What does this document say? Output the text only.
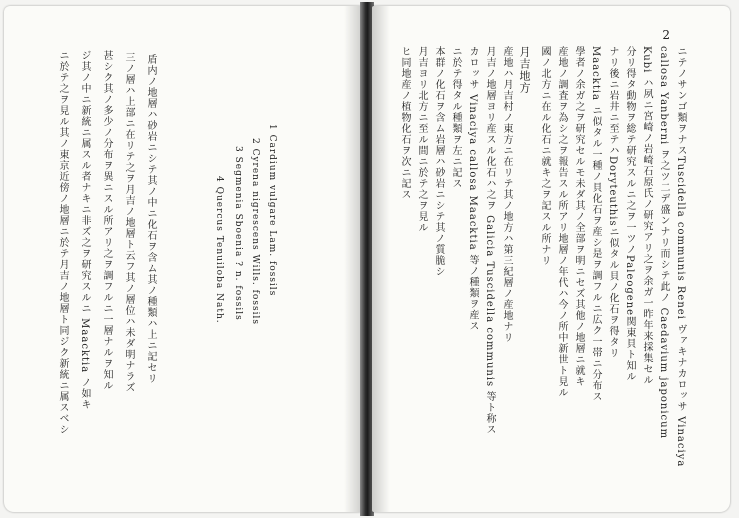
1 Cardium vulgare Lam. fossils
2 Cyrena nigrescens Wills. fossils
3 Segmenia Sboenia ? n. fossils
4 Quercus Tenuiloba Nath.
盾内ノ地層ハ砂岩ニシテ其ノ中ニ化石ヲ含ム其ノ種類ハ上ニ記セリ
三ノ層ハ上部ニ在リテ之ヲ月吉ノ地層ト云フ其ノ層位ハ未ダ明ナラズ
甚シク其ノ多少ノ分布ヲ異ニスル所アリ之ヲ調フルニ一層ナルヲ知ル
ジ其ノ中ニ新統ニ属スル者ナキニ非ズ之ヲ研究スルニ Maacktia ノ如キ
ニ於テ之ヲ見ル其ノ東京近傍ノ地層ニ於テ月吉ノ地層ト同ジク新統ニ属スベシ
2
ニテノサンゴ類ヲナスTuscidella communis Renei ヴァキナカロッサ Vinaciya
callosa Yanberni ヲ之ツ二デ盛ンナリ而シテ此ノ Caedavium japonicum
Kubi ハ夙ニ宮崎ノ岩崎石原氏ノ研究アリ之ヲ余ガ一昨年来採集セル
分リ得タ動物ヲ総テ研究スルニ之ヲ一ツノPaleogene関東貝ト知ル
ナリ後ニ岩井ニ至テハDoryteuthisニ似タル貝ノ化石ヲ得タリ
Maacktia ニ似タル一種ノ貝化石ヲ産シ是ヲ調フルニ広ク一帯ニ分布ス
學者ノ余ガ之ヲ研究セルモ未ダ其ノ全部ヲ明ニセズ其他ノ地層ニ就キ
産地ノ調査ヲ為シ之ヲ報告スル所アリ地層ノ年代ハ今ノ所中新世ト見ル
國ノ北方ニ在ル化石ニ就キ之ヲ記スル所ナリ
月吉地方
産地ハ月吉村ノ東方ニ在リテ其ノ地方ハ第三紀層ノ産地ナリ
月吉ノ地層ヨリ産スル化石ハ之ヲ Galicia Tuscidella communis 等ト称ス
カロッサ Vinaciya callosa Maacktia 等ノ種類ヲ産ス
ニ於テ得タル種類ヲ左ニ記ス
本群ノ化石ヲ含ム岩層ハ砂岩ニシテ其ノ質脆シ
月吉ヨリ北方ニ至ル間ニ於テ之ヲ見ル
ヒ同地産ノ植物化石ヲ次ニ記ス
